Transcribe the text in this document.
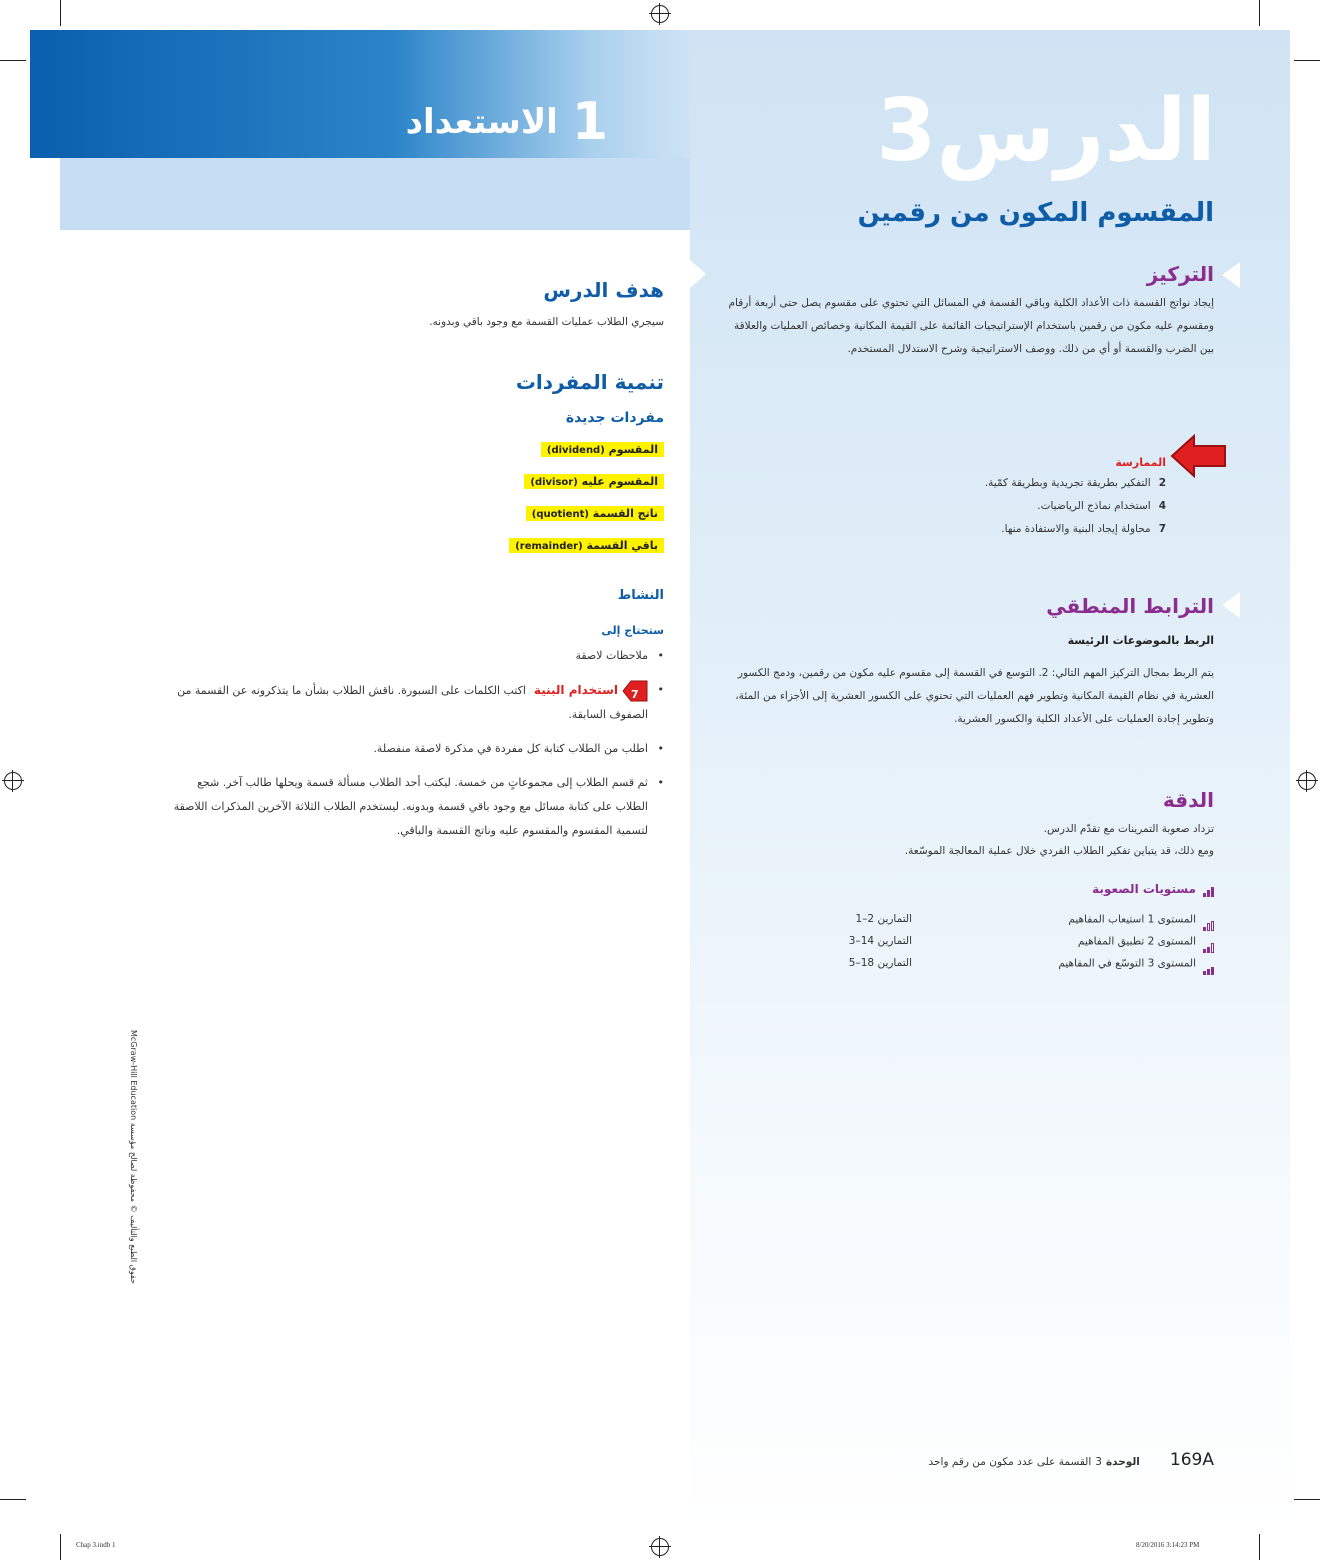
1الاستعداد	الدرس3
المقسوم المكون من رقمين
التركيز
إيجاد نواتج القسمة ذات الأعداد الكلية وباقي القسمة في المسائل التي تحتوي على مقسوم يصل حتى أربعة أرقام ومقسوم عليه مكون من رقمين باستخدام الإستراتيجيات القائمة على القيمة المكانية وخصائص العمليات والعلاقة بين الضرب والقسمة أو أي من ذلك. ووصف الاستراتيجية وشرح الاستدلال المستخدم.
الممارسة
2التفكير بطريقة تجريدية وبطريقة كمّية.
4استخدام نماذج الرياضيات.
7محاولة إيجاد البنية والاستفادة منها.
الترابط المنطقي
الربط بالموضوعات الرئيسة
يتم الربط بمجال التركيز المهم التالي: 2. التوسع في القسمة إلى مقسوم عليه مكون من رقمين، ودمج الكسور العشرية في نظام القيمة المكانية وتطوير فهم العمليات التي تحتوي على الكسور العشرية إلى الأجزاء من المئة، وتطوير إجادة العمليات على الأعداد الكلية والكسور العشرية.
الدقة
تزداد صعوبة التمرينات مع تقدّم الدرس.
ومع ذلك، قد يتباين تفكير الطلاب الفردي خلال عملية المعالجة الموسّعة.
مستويات الصعوبة
المستوى 1 استيعاب المفاهيم
التمارين 2–1
المستوى 2 تطبيق المفاهيم
التمارين 14–3
المستوى 3 التوسّع في المفاهيم
التمارين 18–5
هدف الدرس
سيجري الطلاب عمليات القسمة مع وجود باقي وبدونه.
تنمية المفردات
مفردات جديدة
المقسوم (dividend)
المقسوم عليه (divisor)
ناتج القسمة (quotient)
باقي القسمة (remainder)
النشاط
ستحتاج إلى
• ملاحظات لاصقة
• 7
استخدام البنيةاكتب الكلمات على السبورة. ناقش الطلاب بشأن ما يتذكرونه عن القسمة من الصفوف السابقة.
• اطلب من الطلاب كتابة كل مفردة في مذكرة لاصقة منفصلة.
• ثم قسم الطلاب إلى مجموعاتٍ من خمسة. ليكتب أحد الطلاب مسألة قسمة ويحلها طالب آخر. شجع الطلاب على كتابة مسائل مع وجود باقي قسمة وبدونه. ليستخدم الطلاب الثلاثة الآخرين المذكرات اللاصقة لتسمية المقسوم والمقسوم عليه وناتج القسمة والباقي.
حقوق الطبع والتأليف © محفوظة لصالح مؤسسة McGraw-Hill Education
169Aالوحدة3القسمة على عدد مكون من رقم واحد
Chap 3.indb 1	8/20/2016 3:14:23 PM
